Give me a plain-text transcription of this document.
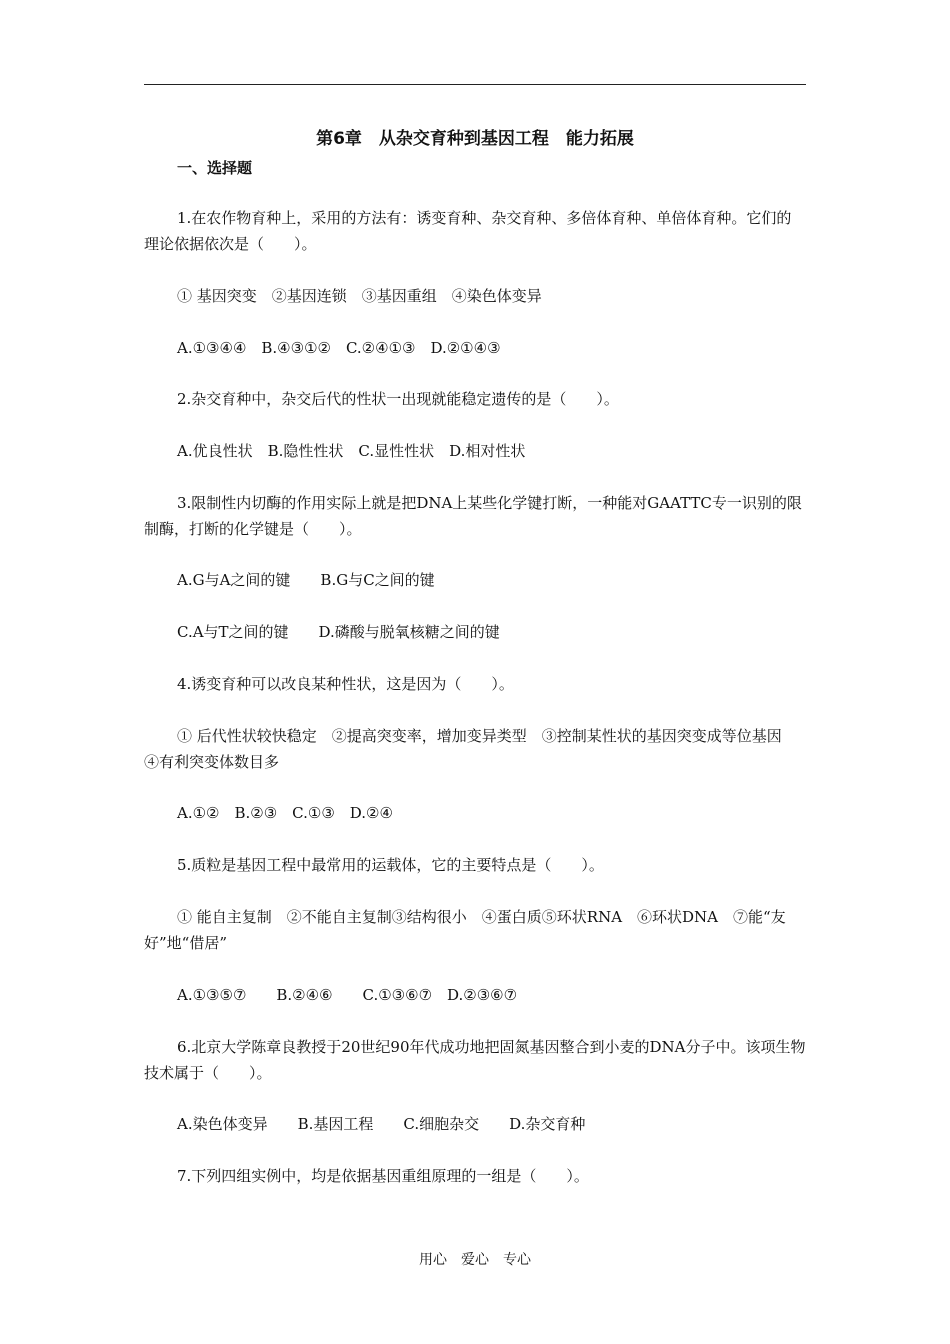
第6章　从杂交育种到基因工程　能力拓展
一、选择题
1.在农作物育种上，采用的方法有：诱变育种、杂交育种、多倍体育种、单倍体育种。它们的理论依据依次是（　　）。
① 基因突变　②基因连锁　③基因重组　④染色体变异
A.①③④④　B.④③①②　C.②④①③　D.②①④③
2.杂交育种中，杂交后代的性状一出现就能稳定遗传的是（　　）。
A.优良性状　B.隐性性状　C.显性性状　D.相对性状
3.限制性内切酶的作用实际上就是把DNA上某些化学键打断，一种能对GAATTC专一识别的限制酶，打断的化学键是（　　）。
A.G与A之间的键　　B.G与C之间的键
C.A与T之间的键　　D.磷酸与脱氧核糖之间的键
4.诱变育种可以改良某种性状，这是因为（　　）。
① 后代性状较快稳定　②提高突变率，增加变异类型　③控制某性状的基因突变成等位基因　④有利突变体数目多
A.①②　B.②③　C.①③　D.②④
5.质粒是基因工程中最常用的运载体，它的主要特点是（　　）。
① 能自主复制　②不能自主复制③结构很小　④蛋白质⑤环状RNA　⑥环状DNA　⑦能“友好”地“借居”
A.①③⑤⑦　　B.②④⑥　　C.①③⑥⑦　D.②③⑥⑦
6.北京大学陈章良教授于20世纪90年代成功地把固氮基因整合到小麦的DNA分子中。该项生物技术属于（　　）。
A.染色体变异　　B.基因工程　　C.细胞杂交　　D.杂交育种
7.下列四组实例中，均是依据基因重组原理的一组是（　　）。
用心　爱心　专心
